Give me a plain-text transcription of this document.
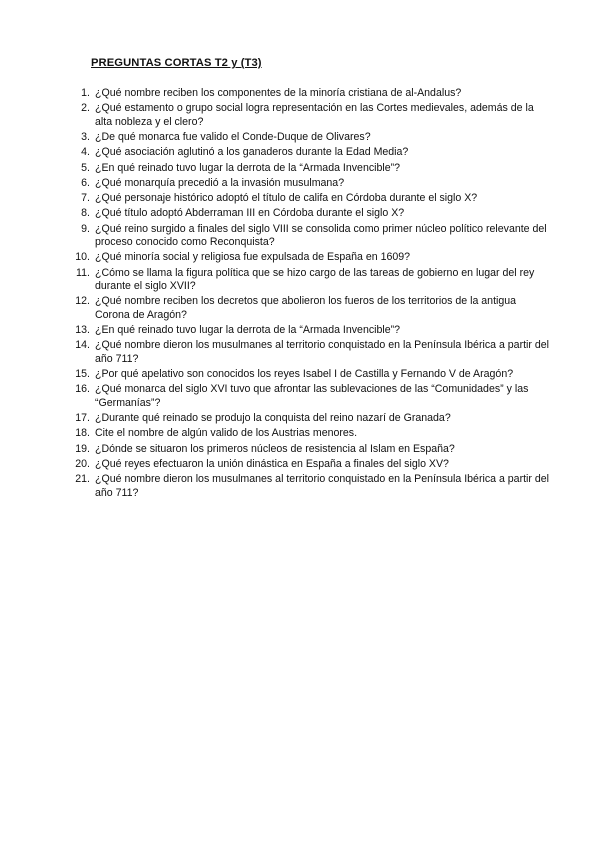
PREGUNTAS CORTAS T2 y (T3)
1. ¿Qué nombre reciben los componentes de la minoría cristiana de al-Andalus?
2. ¿Qué estamento o grupo social logra representación en las Cortes medievales, además de la alta nobleza y el clero?
3. ¿De qué monarca fue valido el Conde-Duque de Olivares?
4. ¿Qué asociación aglutinó a los ganaderos durante la Edad Media?
5. ¿En qué reinado tuvo lugar la derrota de la “Armada Invencible”?
6. ¿Qué monarquía precedió a la invasión musulmana?
7. ¿Qué personaje histórico adoptó el título de califa en Córdoba durante el siglo X?
8. ¿Qué título adoptó Abderraman III en Córdoba durante el siglo X?
9. ¿Qué reino surgido a finales del siglo VIII se consolida como primer núcleo político relevante del proceso conocido como Reconquista?
10. ¿Qué minoría social y religiosa fue expulsada de España en 1609?
11. ¿Cómo se llama la figura política que se hizo cargo de las tareas de gobierno en lugar del rey durante el siglo XVII?
12. ¿Qué nombre reciben los decretos que abolieron los fueros de los territorios de la antigua Corona de Aragón?
13. ¿En qué reinado tuvo lugar la derrota de la “Armada Invencible”?
14. ¿Qué nombre dieron los musulmanes al territorio conquistado en la Península Ibérica a partir del año 711?
15. ¿Por qué apelativo son conocidos los reyes Isabel I de Castilla y Fernando V de Aragón?
16. ¿Qué monarca del siglo XVI tuvo que afrontar las sublevaciones de las “Comunidades” y las “Germanías”?
17. ¿Durante qué reinado se produjo la conquista del reino nazarí de Granada?
18. Cite el nombre de algún valido de los Austrias menores.
19. ¿Dónde se situaron los primeros núcleos de resistencia al Islam en España?
20. ¿Qué reyes efectuaron la unión dinástica en España a finales del siglo XV?
21. ¿Qué nombre dieron los musulmanes al territorio conquistado en la Península Ibérica a partir del año 711?
